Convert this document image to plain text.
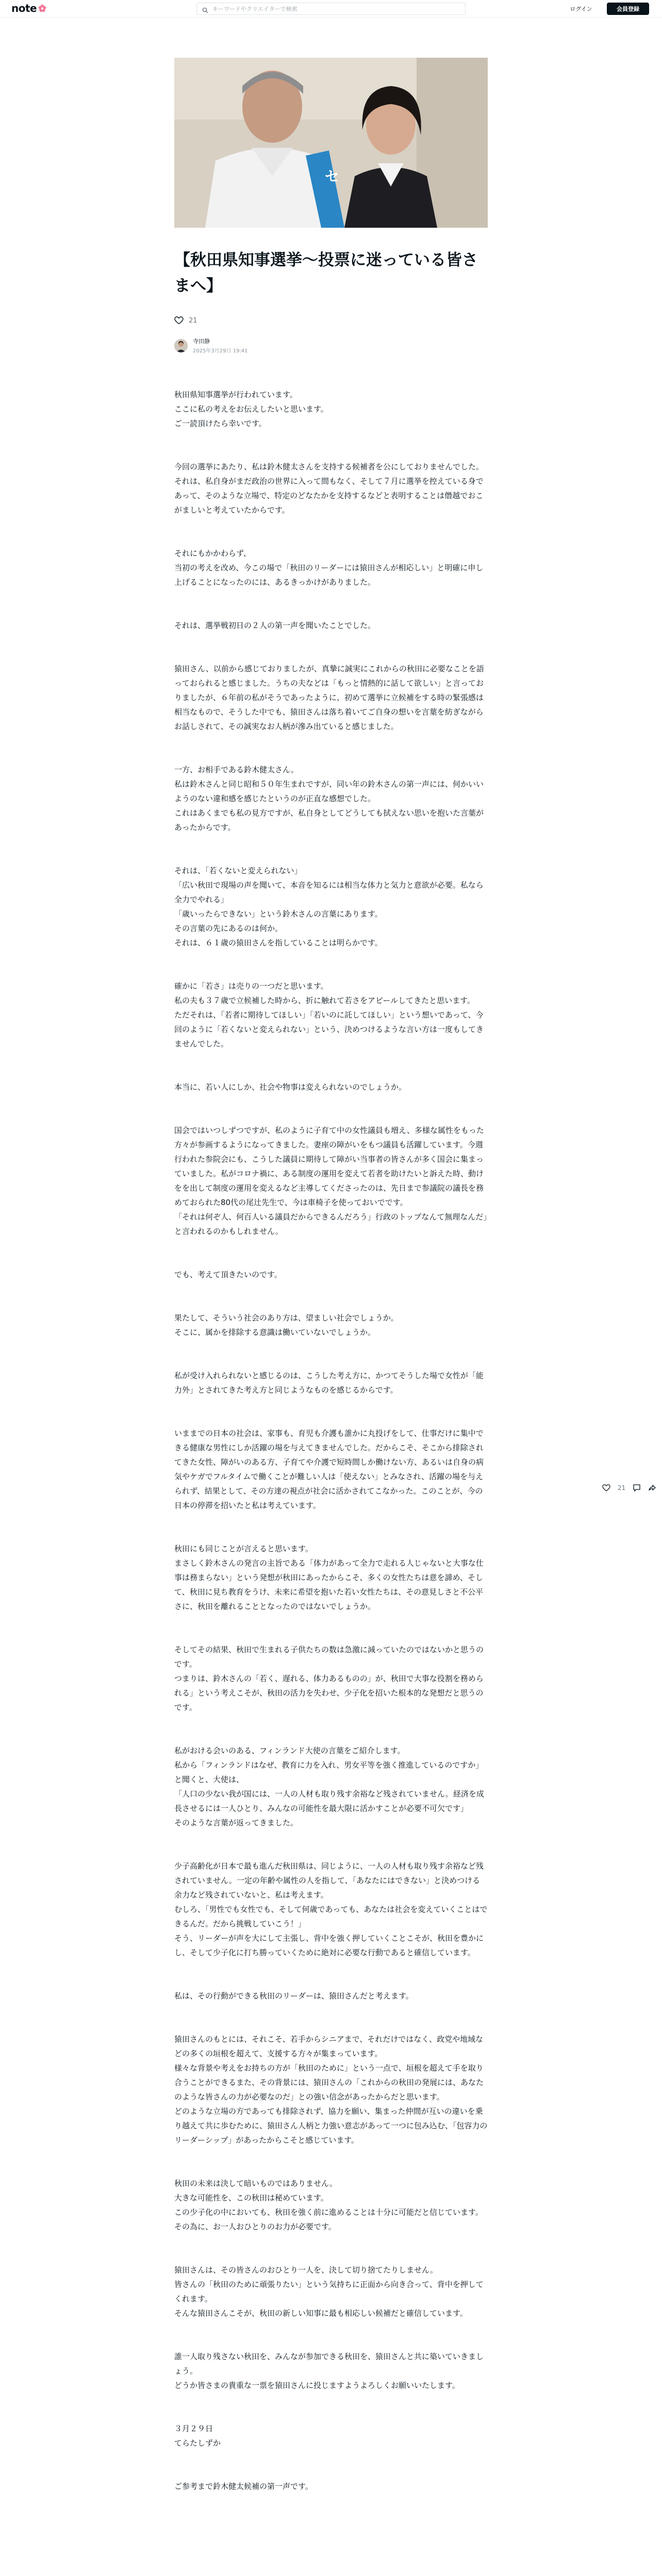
note	キーワードやクリエイターで検索	ログイン	会員登録
セ
【秋田県知事選挙～投票に迷っている皆さまへ】
21
寺田静
2025年3月29日 19:41

秋田県知事選挙が行われています。
ここに私の考えをお伝えしたいと思います。
ご一読頂けたら幸いです。

今回の選挙にあたり、私は鈴木健太さんを支持する候補者を公にしておりませんでした。
それは、私自身がまだ政治の世界に入って間もなく、そして７月に選挙を控えている身であって、そのような立場で、特定のどなたかを支持するなどと表明することは僭越でおこがましいと考えていたからです。

それにもかかわらず、
当初の考えを改め、今この場で「秋田のリーダーには猿田さんが相応しい」と明確に申し上げることになったのには、あるきっかけがありました。

それは、選挙戦初日の２人の第一声を聞いたことでした。

猿田さん、以前から感じておりましたが、真摯に誠実にこれからの秋田に必要なことを語っておられると感じました。うちの夫などは「もっと情熱的に話して欲しい」と言っておりましたが、６年前の私がそうであったように、初めて選挙に立候補をする時の緊張感は相当なもので、そうした中でも、猿田さんは落ち着いてご自身の想いを言葉を紡ぎながらお話しされて、その誠実なお人柄が滲み出ていると感じました。

一方、お相手である鈴木健太さん。
私は鈴木さんと同じ昭和５０年生まれですが、同い年の鈴木さんの第一声には、何かいいようのない違和感を感じたというのが正直な感想でした。
これはあくまでも私の見方ですが、私自身としてどうしても拭えない思いを抱いた言葉があったからです。

それは、「若くないと変えられない」
「広い秋田で現場の声を聞いて、本音を知るには相当な体力と気力と意欲が必要。私なら全力でやれる」
「歳いったらできない」という鈴木さんの言葉にあります。
その言葉の先にあるのは何か。
それは、６１歳の猿田さんを指していることは明らかです。

確かに「若さ」は売りの一つだと思います。
私の夫も３７歳で立候補した時から、折に触れて若さをアピールしてきたと思います。
ただそれは、「若者に期待してほしい」「若いのに託してほしい」という想いであって、今回のように「若くないと変えられない」という、決めつけるような言い方は一度もしてきませんでした。

本当に、若い人にしか、社会や物事は変えられないのでしょうか。

国会ではいつしずつですが、私のように子育て中の女性議員も増え、多様な属性をもった方々が参画するようになってきました。妻座の障がいをもつ議員も活躍しています。今週行われた参院会にも、こうした議員に期待して障がい当事者の皆さんが多く国会に集まっていました。私がコロナ禍に、ある制度の運用を変えて若者を助けたいと訴えた時、動けをを出して制度の運用を変えるなど主導してくださったのは、先日まで参議院の議長を務めておられた80代の尾辻先生で、今は車椅子を使っておいでです。
「それは何ぞ人、何百人いる議員だからできるんだろう」行政のトップなんて無理なんだ」と言われるのかもしれません。

でも、考えて頂きたいのです。

果たして、そういう社会のあり方は、望ましい社会でしょうか。
そこに、属かを排除する意識は働いていないでしょうか。

私が受け入れられないと感じるのは、こうした考え方に、かつてそうした場で女性が「能力外」とされてきた考え方と同じようなものを感じるからです。

いままでの日本の社会は、家事も、育児も介護も誰かに丸投げをして、仕事だけに集中できる健康な男性にしか活躍の場を与えてきませんでした。だからこそ、そこから排除されてきた女性、障がいのある方、子育てや介護で短時間しか働けない方、あるいは自身の病気やケガでフルタイムで働くことが難しい人は「使えない」とみなされ、活躍の場を与えられず、結果として、その方達の視点が社会に活かされてこなかった。このことが、今の日本の停滞を招いたと私は考えています。

秋田にも同じことが言えると思います。
まさしく鈴木さんの発言の主旨である「体力があって全力で走れる人じゃないと大事な仕事は務まらない」という発想が秋田にあったからこそ、多くの女性たちは意を諦め、そして、秋田に見ち教育をうけ、未来に希望を抱いた若い女性たちは、その意見しさと不公平さに、秋田を離れることとなったのではないでしょうか。

そしてその結果、秋田で生まれる子供たちの数は急激に減っていたのではないかと思うのです。
つまりは、鈴木さんの「若く、遅れる、体力あるものの」が、秋田で大事な役割を務められる」という考えこそが、秋田の活力を失わせ、少子化を招いた根本的な発想だと思うのです。

私がおける会いのある、フィンランド大使の言葉をご紹介します。
私から「フィンランドはなぜ、教育に力を入れ、男女平等を強く推進しているのですか」と聞くと、大使は、
「人口の少ない我が国には、一人の人材も取り残す余裕など残されていません。経済を成長させるには一人ひとり、みんなの可能性を最大限に活かすことが必要不可欠です」
そのような言葉が返ってきました。

少子高齢化が日本で最も進んだ秋田県は、同じように、一人の人材も取り残す余裕など残されていません。一定の年齢や属性の人を指して、「あなたにはできない」と決めつける余力など残されていないと、私は考えます。
むしろ、「男性でも女性でも、そして何歳であっても、あなたは社会を変えていくことはできるんだ。だから挑戦していこう！」
そう、リーダーが声を大にして主張し、背中を強く押していくことこそが、秋田を豊かにし、そして少子化に打ち勝っていくために絶対に必要な行動であると確信しています。

私は、その行動ができる秋田のリーダーは、猿田さんだと考えます。

猿田さんのもとには、それこそ、若手からシニアまで、それだけではなく、政党や地域などの多くの垣根を超えて、支援する方々が集まっています。
様々な背景や考えをお持ちの方が「秋田のために」という一点で、垣根を超えて手を取り合うことができるまた、その背景には、猿田さんの「これからの秋田の発展には、あなたのような皆さんの力が必要なのだ」との強い信念があったからだと思います。
どのような立場の方であっても排除されず、協力を願い、集まった仲間が互いの違いを乗り越えて共に歩むために、猿田さん人柄と力強い意志があって一つに包み込む、「包容力のリーダーシップ」があったからこそと感じています。

秋田の未来は決して暗いものではありません。
大きな可能性を、この秋田は秘めています。
この少子化の中においても、秋田を強く前に進めることは十分に可能だと信じています。
その為に、お一人おひとりのお力が必要です。

猿田さんは、その皆さんのおひとり一人を、決して切り捨てたりしません。
皆さんの「秋田のために頑張りたい」という気持ちに正面から向き合って、背中を押してくれます。
そんな猿田さんこそが、秋田の新しい知事に最も相応しい候補だと確信しています。

誰一人取り残さない秋田を、みんなが参加できる秋田を、猿田さんと共に築いていきましょう。
どうか皆さまの貴重な一票を猿田さんに投じますようよろしくお願いいたします。

３月２９日
てらたしずか

ご参考まで鈴木健太候補の第一声です。

21
